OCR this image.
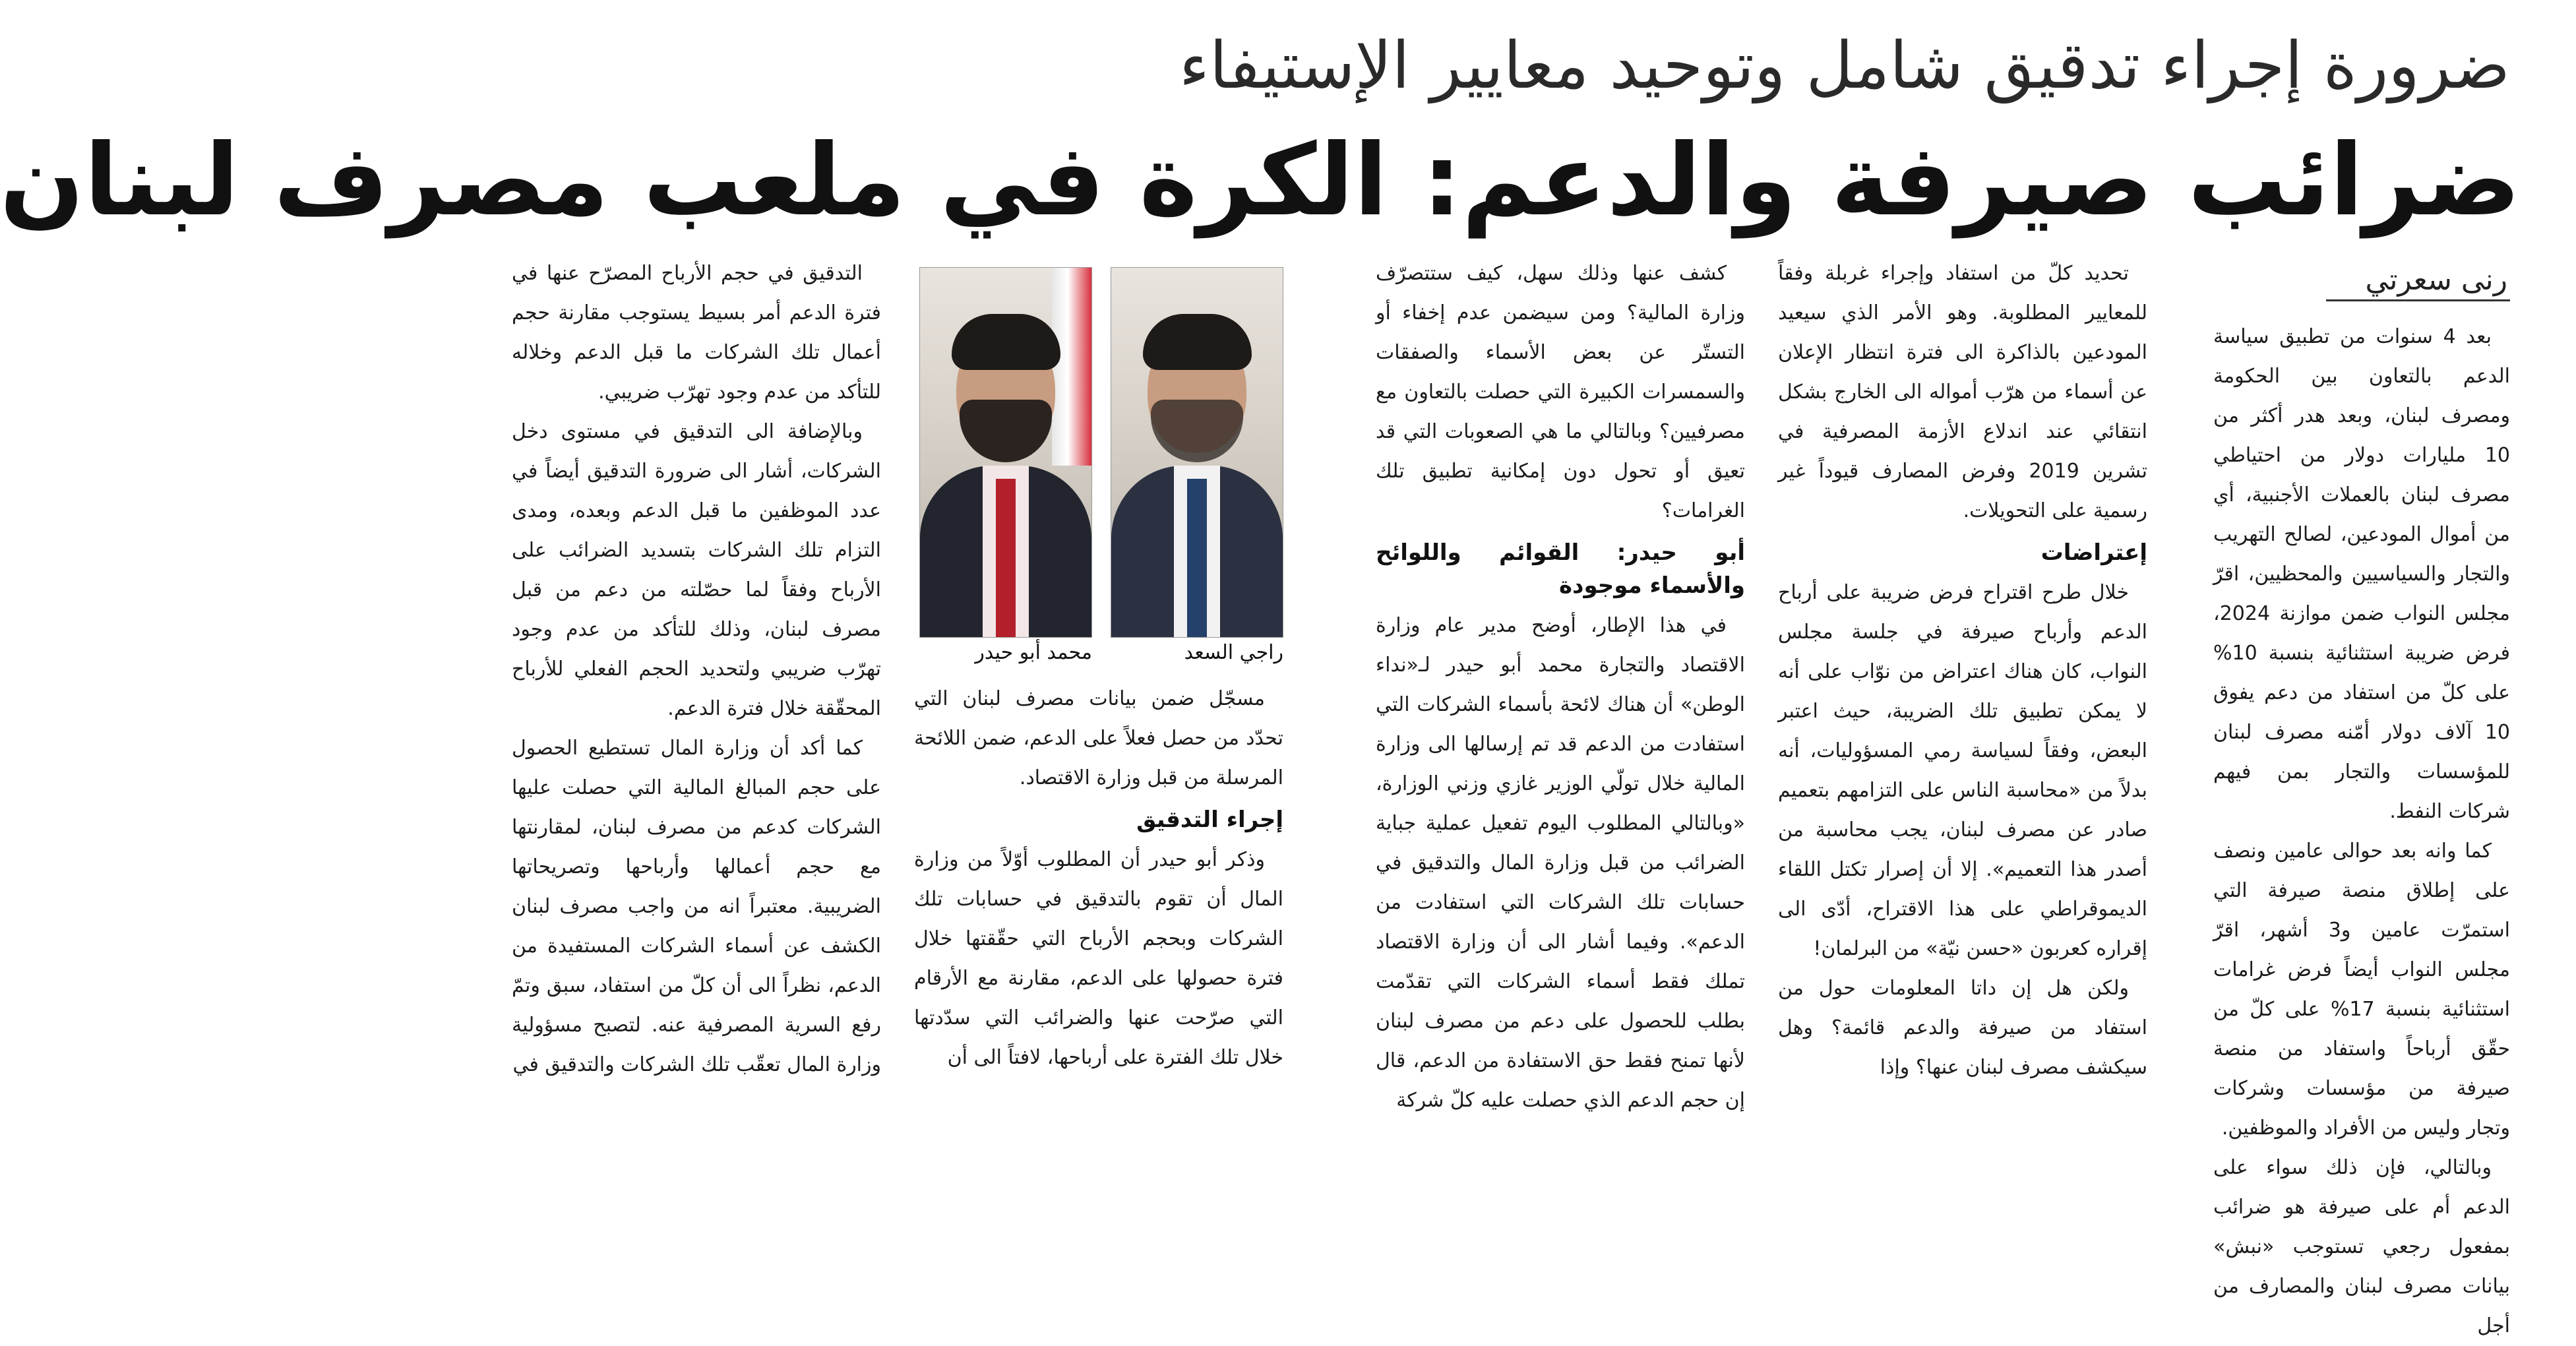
ضرورة إجراء تدقيق شامل وتوحيد معايير الإستيفاء
ضرائب صيرفة والدعم: الكرة في ملعب مصرف لبنان
رنى سعرتي

بعد 4 سنوات من تطبيق سياسة الدعم بالتعاون بين الحكومة ومصرف لبنان، وبعد هدر أكثر من 10 مليارات دولار من احتياطي مصرف لبنان بالعملات الأجنبية، أي من أموال المودعين، لصالح التهريب والتجار والسياسيين والمحظيين، اقرّ مجلس النواب ضمن موازنة 2024، فرض ضريبة استثنائية بنسبة 10% على كلّ من استفاد من دعم يفوق 10 آلاف دولار أمّنه مصرف لبنان للمؤسسات والتجار بمن فيهم شركات النفط.

كما وانه بعد حوالى عامين ونصف على إطلاق منصة صيرفة التي استمرّت عامين و3 أشهر، اقرّ مجلس النواب أيضاً فرض غرامات استثنائية بنسبة 17% على كلّ من حقّق أرباحاً واستفاد من منصة صيرفة من مؤسسات وشركات وتجار وليس من الأفراد والموظفين.

وبالتالي، فإن ذلك سواء على الدعم أم على صيرفة هو ضرائب بمفعول رجعي تستوجب «نبش» بيانات مصرف لبنان والمصارف من أجل

تحديد كلّ من استفاد وإجراء غربلة وفقاً للمعايير المطلوبة. وهو الأمر الذي سيعيد المودعين بالذاكرة الى فترة انتظار الإعلان عن أسماء من هرّب أمواله الى الخارج بشكل انتقائي عند اندلاع الأزمة المصرفية في تشرين 2019 وفرض المصارف قيوداً غير رسمية على التحويلات.

إعتراضات

خلال طرح اقتراح فرض ضريبة على أرباح الدعم وأرباح صيرفة في جلسة مجلس النواب، كان هناك اعتراض من نوّاب على أنه لا يمكن تطبيق تلك الضريبة، حيث اعتبر البعض، وفقاً لسياسة رمي المسؤوليات، أنه بدلاً من «محاسبة الناس على التزامهم بتعميم صادر عن مصرف لبنان، يجب محاسبة من أصدر هذا التعميم». إلا أن إصرار تكتل اللقاء الديموقراطي على هذا الاقتراح، أدّى الى إقراره كعربون «حسن نيّة» من البرلمان!

ولكن هل إن داتا المعلومات حول من استفاد من صيرفة والدعم قائمة؟ وهل سيكشف مصرف لبنان عنها؟ وإذا

كشف عنها وذلك سهل، كيف ستتصرّف وزارة المالية؟ ومن سيضمن عدم إخفاء أو التستّر عن بعض الأسماء والصفقات والسمسرات الكبيرة التي حصلت بالتعاون مع مصرفيين؟ وبالتالي ما هي الصعوبات التي قد تعيق أو تحول دون إمكانية تطبيق تلك الغرامات؟

أبو حيدر: القوائم واللوائح والأسماء موجودة

في هذا الإطار، أوضح مدير عام وزارة الاقتصاد والتجارة محمد أبو حيدر لـ«نداء الوطن» أن هناك لائحة بأسماء الشركات التي استفادت من الدعم قد تم إرسالها الى وزارة المالية خلال تولّي الوزير غازي وزني الوزارة، «وبالتالي المطلوب اليوم تفعيل عملية جباية الضرائب من قبل وزارة المال والتدقيق في حسابات تلك الشركات التي استفادت من الدعم». وفيما أشار الى أن وزارة الاقتصاد تملك فقط أسماء الشركات التي تقدّمت بطلب للحصول على دعم من مصرف لبنان لأنها تمنح فقط حق الاستفادة من الدعم، قال إن حجم الدعم الذي حصلت عليه كلّ شركة

راجي السعد
محمد أبو حيدر

مسجّل ضمن بيانات مصرف لبنان التي تحدّد من حصل فعلاً على الدعم، ضمن اللائحة المرسلة من قبل وزارة الاقتصاد.

إجراء التدقيق

وذكر أبو حيدر أن المطلوب أوّلاً من وزارة المال أن تقوم بالتدقيق في حسابات تلك الشركات وبحجم الأرباح التي حقّقتها خلال فترة حصولها على الدعم، مقارنة مع الأرقام التي صرّحت عنها والضرائب التي سدّدتها خلال تلك الفترة على أرباحها، لافتاً الى أن

التدقيق في حجم الأرباح المصرّح عنها في فترة الدعم أمر بسيط يستوجب مقارنة حجم أعمال تلك الشركات ما قبل الدعم وخلاله للتأكد من عدم وجود تهرّب ضريبي.

وبالإضافة الى التدقيق في مستوى دخل الشركات، أشار الى ضرورة التدقيق أيضاً في عدد الموظفين ما قبل الدعم وبعده، ومدى التزام تلك الشركات بتسديد الضرائب على الأرباح وفقاً لما حصّلته من دعم من قبل مصرف لبنان، وذلك للتأكد من عدم وجود تهرّب ضريبي ولتحديد الحجم الفعلي للأرباح المحقّقة خلال فترة الدعم.

كما أكد أن وزارة المال تستطيع الحصول على حجم المبالغ المالية التي حصلت عليها الشركات كدعم من مصرف لبنان، لمقارنتها مع حجم أعمالها وأرباحها وتصريحاتها الضريبية. معتبراً انه من واجب مصرف لبنان الكشف عن أسماء الشركات المستفيدة من الدعم، نظراً الى أن كلّ من استفاد، سبق وتمّ رفع السرية المصرفية عنه. لتصبح مسؤولية وزارة المال تعقّب تلك الشركات والتدقيق في
